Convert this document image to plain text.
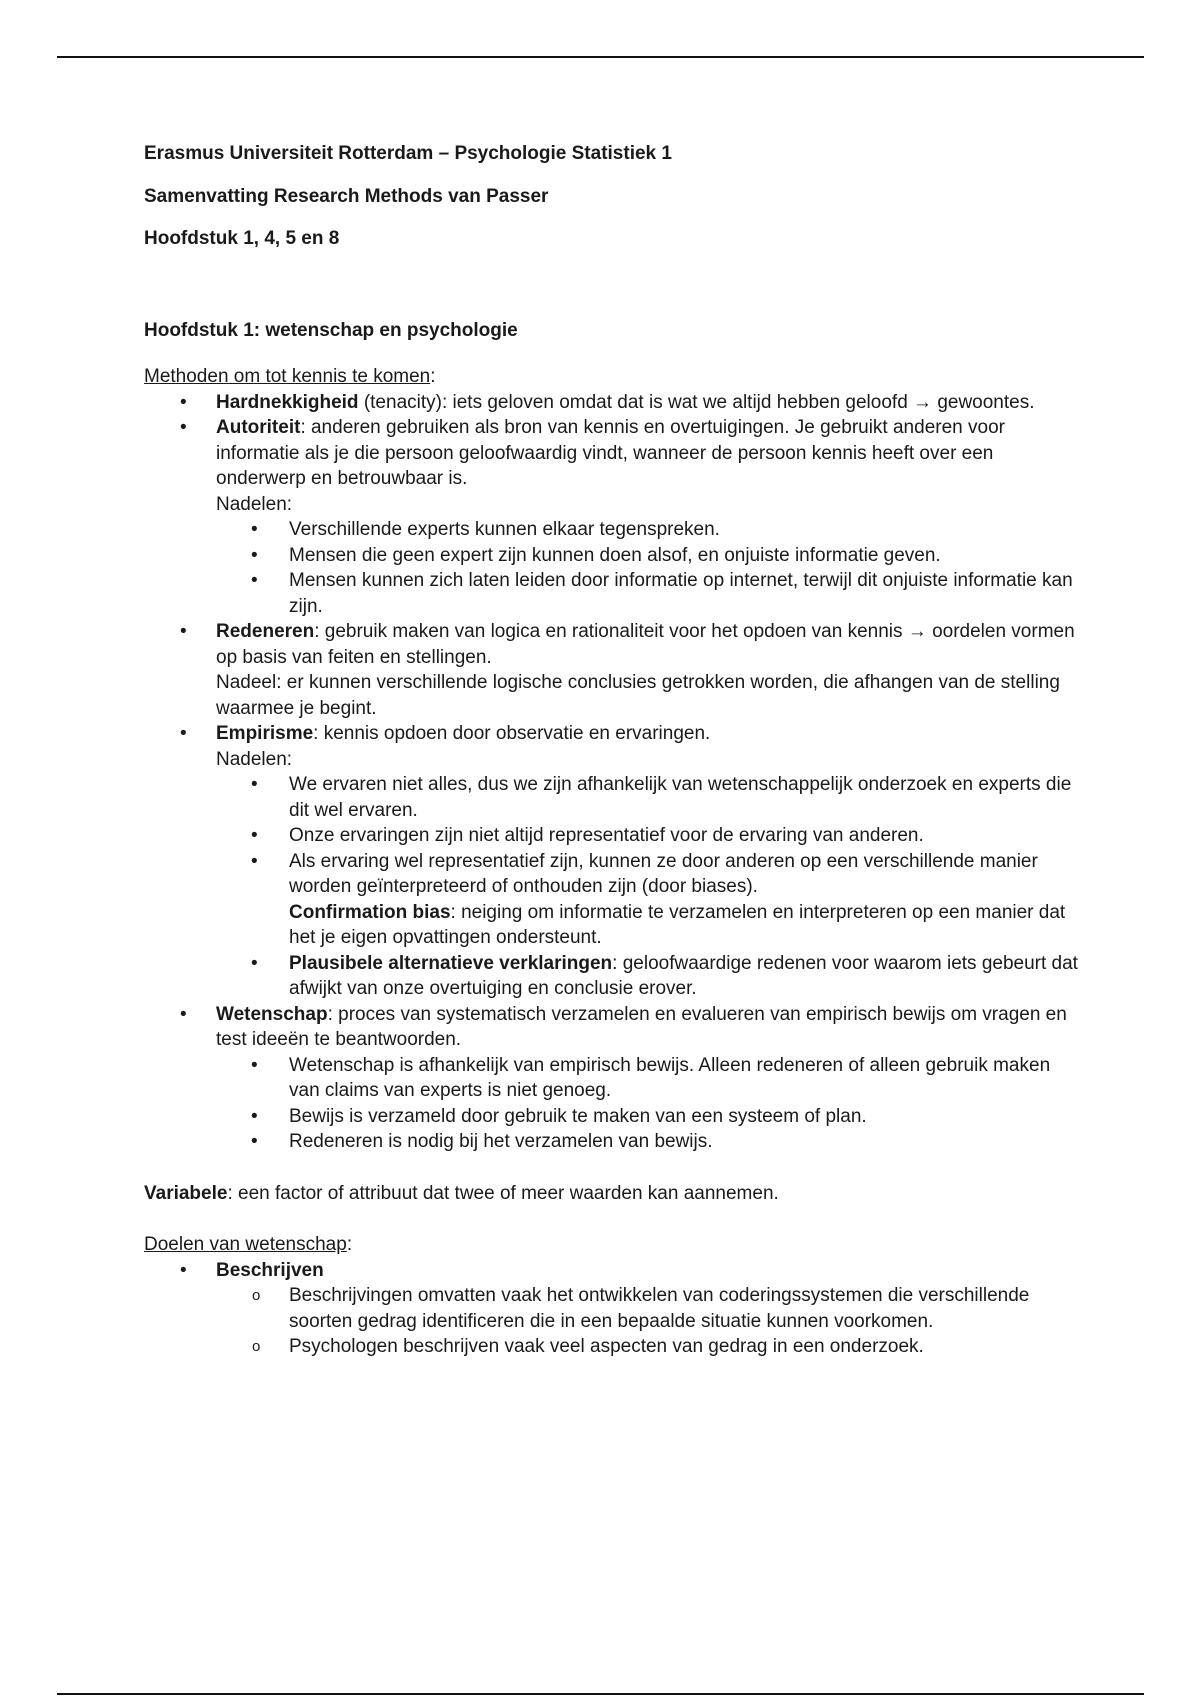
Erasmus Universiteit Rotterdam – Psychologie Statistiek 1
Samenvatting Research Methods van Passer
Hoofdstuk 1, 4, 5 en 8
Hoofdstuk 1: wetenschap en psychologie
Methoden om tot kennis te komen:
• Hardnekkigheid (tenacity): iets geloven omdat dat is wat we altijd hebben geloofd → gewoontes.
• Autoriteit: anderen gebruiken als bron van kennis en overtuigingen. Je gebruikt anderen voor informatie als je die persoon geloofwaardig vindt, wanneer de persoon kennis heeft over een onderwerp en betrouwbaar is.
Nadelen:
• Verschillende experts kunnen elkaar tegenspreken.
• Mensen die geen expert zijn kunnen doen alsof, en onjuiste informatie geven.
• Mensen kunnen zich laten leiden door informatie op internet, terwijl dit onjuiste informatie kan zijn.
• Redeneren: gebruik maken van logica en rationaliteit voor het opdoen van kennis → oordelen vormen op basis van feiten en stellingen.
Nadeel: er kunnen verschillende logische conclusies getrokken worden, die afhangen van de stelling waarmee je begint.
• Empirisme: kennis opdoen door observatie en ervaringen.
Nadelen:
• We ervaren niet alles, dus we zijn afhankelijk van wetenschappelijk onderzoek en experts die dit wel ervaren.
• Onze ervaringen zijn niet altijd representatief voor de ervaring van anderen.
• Als ervaring wel representatief zijn, kunnen ze door anderen op een verschillende manier worden geïnterpreteerd of onthouden zijn (door biases).
Confirmation bias: neiging om informatie te verzamelen en interpreteren op een manier dat het je eigen opvattingen ondersteunt.
• Plausibele alternatieve verklaringen: geloofwaardige redenen voor waarom iets gebeurt dat afwijkt van onze overtuiging en conclusie erover.
• Wetenschap: proces van systematisch verzamelen en evalueren van empirisch bewijs om vragen en test ideeën te beantwoorden.
• Wetenschap is afhankelijk van empirisch bewijs. Alleen redeneren of alleen gebruik maken van claims van experts is niet genoeg.
• Bewijs is verzameld door gebruik te maken van een systeem of plan.
• Redeneren is nodig bij het verzamelen van bewijs.
Variabele: een factor of attribuut dat twee of meer waarden kan aannemen.
Doelen van wetenschap:
• Beschrijven
o Beschrijvingen omvatten vaak het ontwikkelen van coderingssystemen die verschillende soorten gedrag identificeren die in een bepaalde situatie kunnen voorkomen.
o Psychologen beschrijven vaak veel aspecten van gedrag in een onderzoek.
